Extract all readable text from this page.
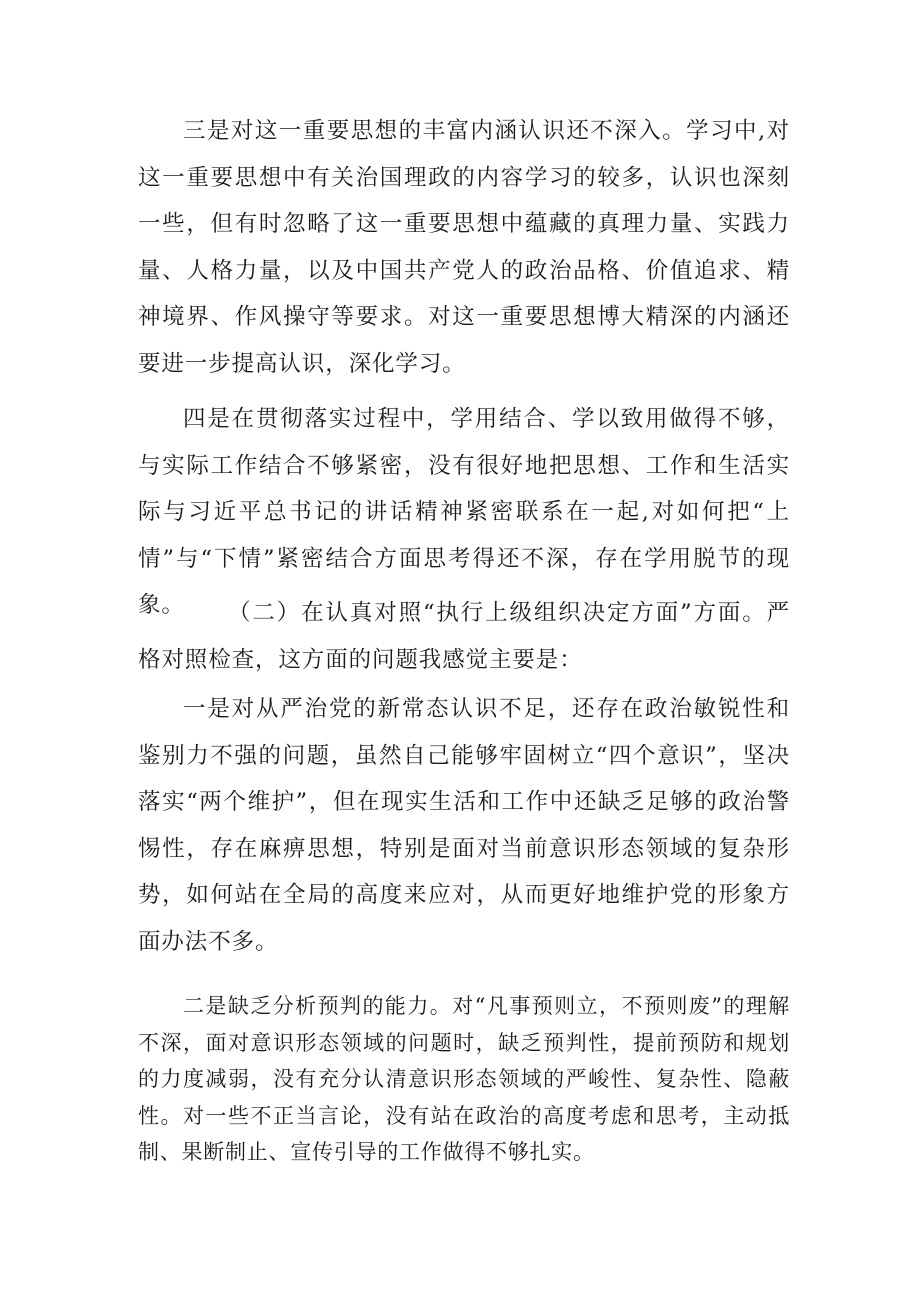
三是对这一重要思想的丰富内涵认识还不深入。学习中,对这一重要思想中有关治国理政的内容学习的较多，认识也深刻一些，但有时忽略了这一重要思想中蕴藏的真理力量、实践力量、人格力量，以及中国共产党人的政治品格、价值追求、精神境界、作风操守等要求。对这一重要思想博大精深的内涵还要进一步提高认识，深化学习。

四是在贯彻落实过程中，学用结合、学以致用做得不够，与实际工作结合不够紧密，没有很好地把思想、工作和生活实际与习近平总书记的讲话精神紧密联系在一起,对如何把“上情”与“下情”紧密结合方面思考得还不深，存在学用脱节的现象。	（二）在认真对照“执行上级组织决定方面”方面。严格对照检查，这方面的问题我感觉主要是：

一是对从严治党的新常态认识不足，还存在政治敏锐性和鉴别力不强的问题，虽然自己能够牢固树立“四个意识”，坚决落实“两个维护”，但在现实生活和工作中还缺乏足够的政治警惕性，存在麻痹思想，特别是面对当前意识形态领域的复杂形势，如何站在全局的高度来应对，从而更好地维护党的形象方面办法不多。

二是缺乏分析预判的能力。对“凡事预则立，不预则废”的理解不深，面对意识形态领域的问题时，缺乏预判性，提前预防和规划的力度减弱，没有充分认清意识形态领域的严峻性、复杂性、隐蔽性。对一些不正当言论，没有站在政治的高度考虑和思考，主动抵制、果断制止、宣传引导的工作做得不够扎实。
